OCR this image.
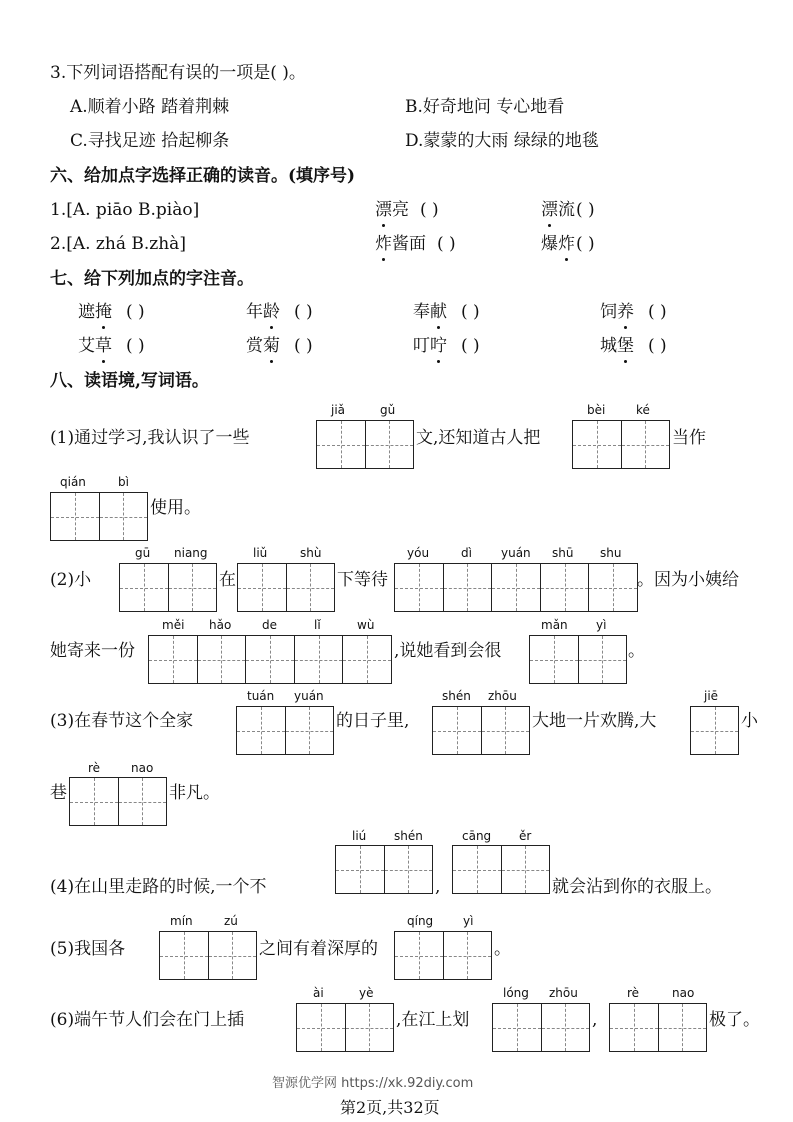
3.下列词语搭配有误的一项是( )。
A.顺着小路 踏着荆棘	B.好奇地问 专心地看
C.寻找足迹 拾起柳条	D.蒙蒙的大雨 绿绿的地毯
六、给加点字选择正确的读音。(填序号)
1.[A. piāo B.piào]	漂亮 ( )	漂流 ( )
2.[A. zhá B.zhà]	炸酱面 ( )	爆炸 ( )
七、给下列加点的字注音。
遮掩 ( )	年龄 ( )	奉献 ( )	饲养 ( )
艾草 ( )	赏菊 ( )	叮咛 ( )	城堡 ( )
八、读语境,写词语。
(1)通过学习,我认识了一些
jiǎ	gǔ
文,还知道古人把
bèi	ké
当作
qián	bì
使用。
(2)小
gū niang
在
liǔ	shù
下等待
yóu	dì yuán shū shu
。因为小姨给
她寄来一份
měi hǎo	de	lǐ	wù
,说她看到会很
mǎn yì
。
(3)在春节这个全家
tuán yuán
的日子里,
shén zhōu
大地一片欢腾,大
jiē
小
巷
rè	nao
非凡。
(4)在山里走路的时候,一个不
liú shén
,
cāng ěr
就会沾到你的衣服上。
(5)我国各
mín	zú
之间有着深厚的
qíng yì
。
(6)端午节人们会在门上插
ài	yè
,在江上划
lóng zhōu
,
rè	nao
极了。
智源优学网 https://xk.92diy.com
第2页,共32页
